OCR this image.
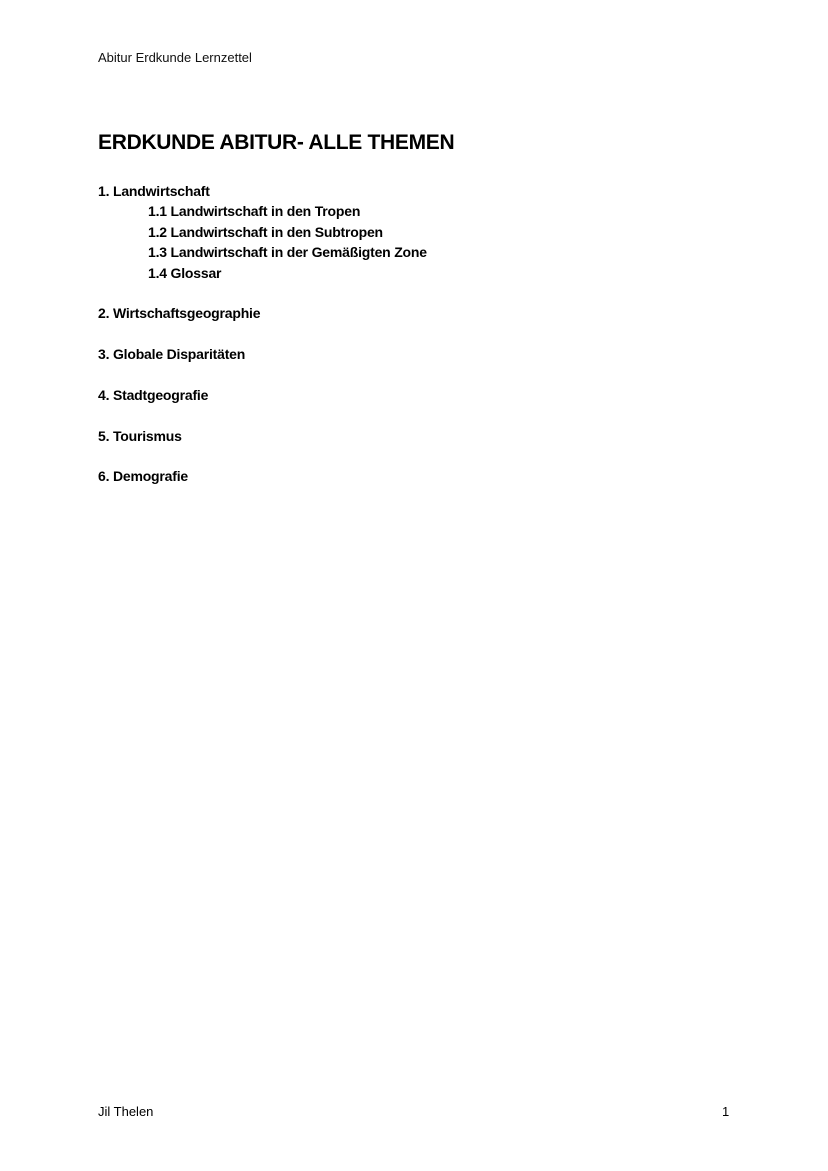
Abitur Erdkunde Lernzettel
ERDKUNDE ABITUR- ALLE THEMEN
1. Landwirtschaft
1.1 Landwirtschaft in den Tropen
1.2 Landwirtschaft in den Subtropen
1.3 Landwirtschaft in der Gemäßigten Zone
1.4 Glossar
2. Wirtschaftsgeographie
3. Globale Disparitäten
4. Stadtgeografie
5. Tourismus
6. Demografie
Jil Thelen	1
